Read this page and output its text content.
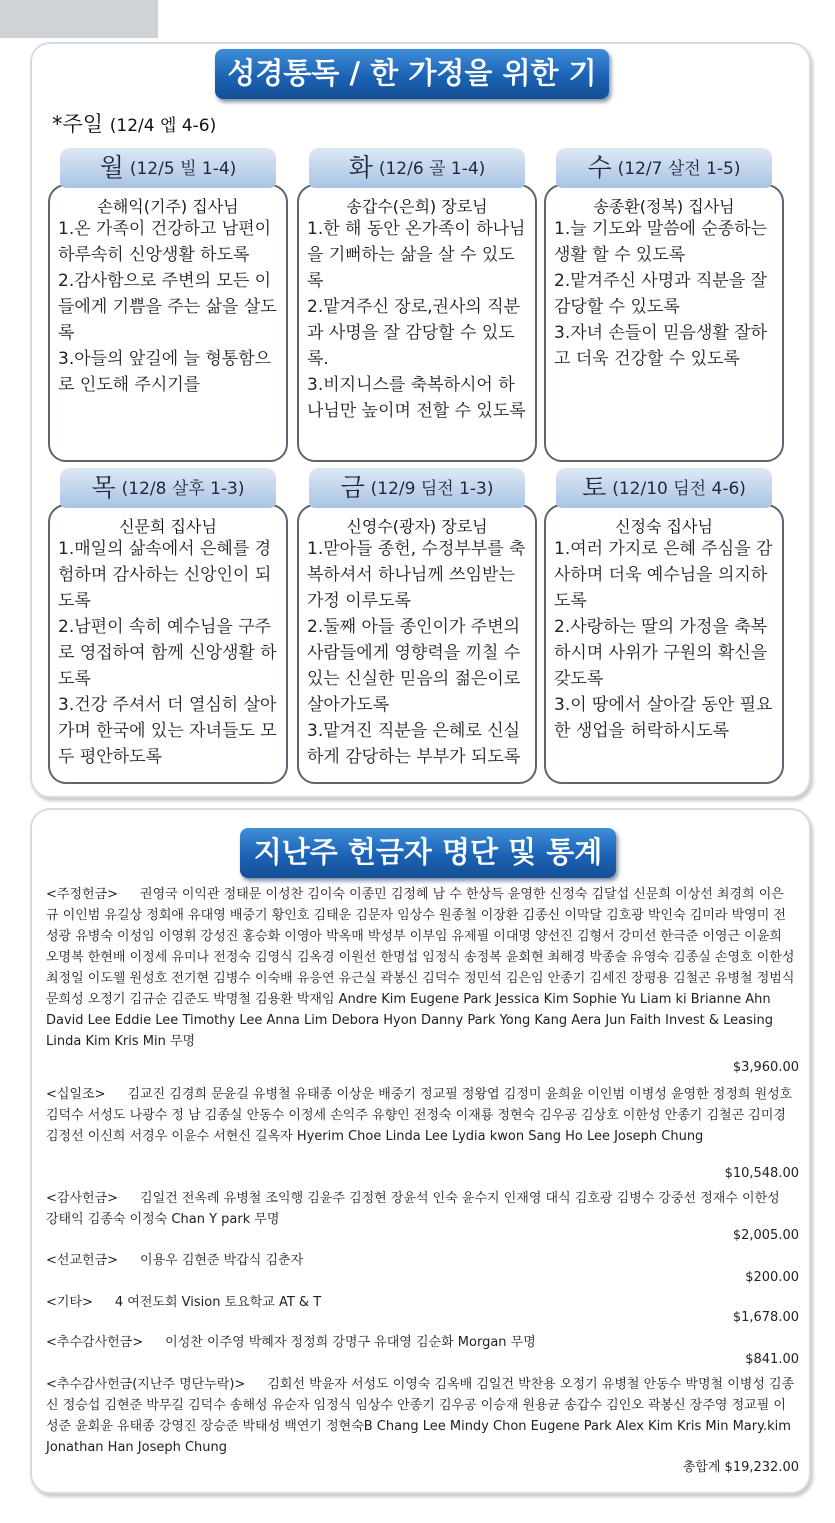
성경통독 / 한 가정을 위한 기도
*주일 (12/4 엡 4-6)
월 (12/5 빌 1-4)
손해익(기주) 집사님
1.온 가족이 건강하고 남편이 하루속히 신앙생활 하도록
2.감사함으로 주변의 모든 이들에게 기쁨을 주는 삶을 살도록
3.아들의 앞길에 늘 형통함으로 인도해 주시기를
화 (12/6 골 1-4)
송갑수(은희) 장로님
1.한 해 동안 온가족이 하나님을 기뻐하는 삶을 살 수 있도록
2.맡겨주신 장로,권사의 직분과 사명을 잘 감당할 수 있도록.
3.비지니스를 축복하시어 하나님만 높이며 전할 수 있도록
수 (12/7 살전 1-5)
송종환(정복) 집사님
1.늘 기도와 말씀에 순종하는 생활 할 수 있도록
2.맡겨주신 사명과 직분을 잘 감당할 수 있도록
3.자녀 손들이 믿음생활 잘하고 더욱 건강할 수 있도록
목 (12/8 살후 1-3)
신문희 집사님
1.매일의 삶속에서 은혜를 경험하며 감사하는 신앙인이 되도록
2.남편이 속히 예수님을 구주로 영접하여 함께 신앙생활 하도록
3.건강 주셔서 더 열심히 살아가며 한국에 있는 자녀들도 모두 평안하도록
금 (12/9 딤전 1-3)
신영수(광자) 장로님
1.맏아들 종헌, 수정부부를 축복하셔서 하나님께 쓰임받는 가정 이루도록
2.둘째 아들 종인이가 주변의 사람들에게 영향력을 끼칠 수 있는 신실한 믿음의 젊은이로 살아가도록
3.맡겨진 직분을 은혜로 신실하게 감당하는 부부가 되도록
토 (12/10 딤전 4-6)
신정숙 집사님
1.여러 가지로 은혜 주심을 감사하며 더욱 예수님을 의지하도록
2.사랑하는 딸의 가정을 축복하시며 사위가 구원의 확신을 갖도록
3.이 땅에서 살아갈 동안 필요한 생업을 허락하시도록
지난주 헌금자 명단 및 통계
<주정헌금> 권영국 이익관 정태문 이성찬 김이숙 이종민 김정혜 남 수 한상득 윤영한 신정숙 김달섭 신문희 이상선 최경희 이은규 이인범 유길상 정회애 유대영 배중기 황인호 김태운 김문자 임상수 원종철 이장환 김종신 이막달 김호광 박인숙 김미라 박영미 전성광 유병숙 이성임 이영휘 강성진 홍승화 이영아 박옥매 박성부 이부임 유제필 이대명 양선진 김형서 강미선 한극준 이영근 이윤희 오명복 한현배 이정세 유미나 전정숙 김영식 김옥경 이원선 한명섭 임정식 송정복 윤회현 최해경 박종술 유영숙 김종실 손영호 이한성 최정일 이도웰 원성호 전기현 김병수 이숙배 유응연 유근실 곽봉신 김덕수 정민석 김은임 안종기 김세진 장평용 김철곤 유병철 정범식 문희성 오정기 김규순 김준도 박명철 김용환 박재임 Andre Kim Eugene Park Jessica Kim Sophie Yu Liam ki Brianne Ahn David Lee Eddie Lee Timothy Lee Anna Lim Debora Hyon Danny Park Yong Kang Aera Jun Faith Invest & Leasing Linda Kim Kris Min 무명
$3,960.00
<십일조> 김교진 김경희 문윤길 유병철 유태종 이상운 배중기 정교필 정왕엽 김정미 윤희윤 이인범 이병성 윤영한 정정희 원성호 김덕수 서성도 나광수 정 남 김종실 안동수 이정세 손익주 유향인 전정숙 이재룡 정현숙 김우공 김상호 이한성 안종기 김철곤 김미경 김정선 이신희 서경우 이윤수 서현신 길옥자 Hyerim Choe Linda Lee Lydia kwon Sang Ho Lee Joseph Chung
$10,548.00
<감사헌금> 김일건 전옥례 유병철 조익행 김윤주 김정현 장윤석 인숙 윤수지 인재영 대식 김호광 김병수 강중선 정재수 이한성 강태익 김종숙 이정숙 Chan Y park 무명
$2,005.00
<선교헌금> 이용우 김현준 박갑식 김춘자
$200.00
<기타> 4 여전도회 Vision 토요학교 AT & T
$1,678.00
<추수감사헌금> 이성찬 이주영 박혜자 정정희 강명구 유대영 김순화 Morgan 무명
$841.00
<추수감사헌금(지난주 명단누락)> 김회선 박윤자 서성도 이영숙 김옥배 김일건 박찬용 오정기 유병철 안동수 박명철 이병성 김종신 정승섭 김현준 박무길 김덕수 송해성 유순자 임정식 임상수 안종기 김우공 이승재 원용균 송갑수 김인오 곽봉신 장주영 정교필 이성준 윤회윤 유태종 강영진 장승준 박태성 백연기 정현숙B Chang Lee Mindy Chon Eugene Park Alex Kim Kris Min Mary.kim Jonathan Han Joseph Chung
총합계 $19,232.00
